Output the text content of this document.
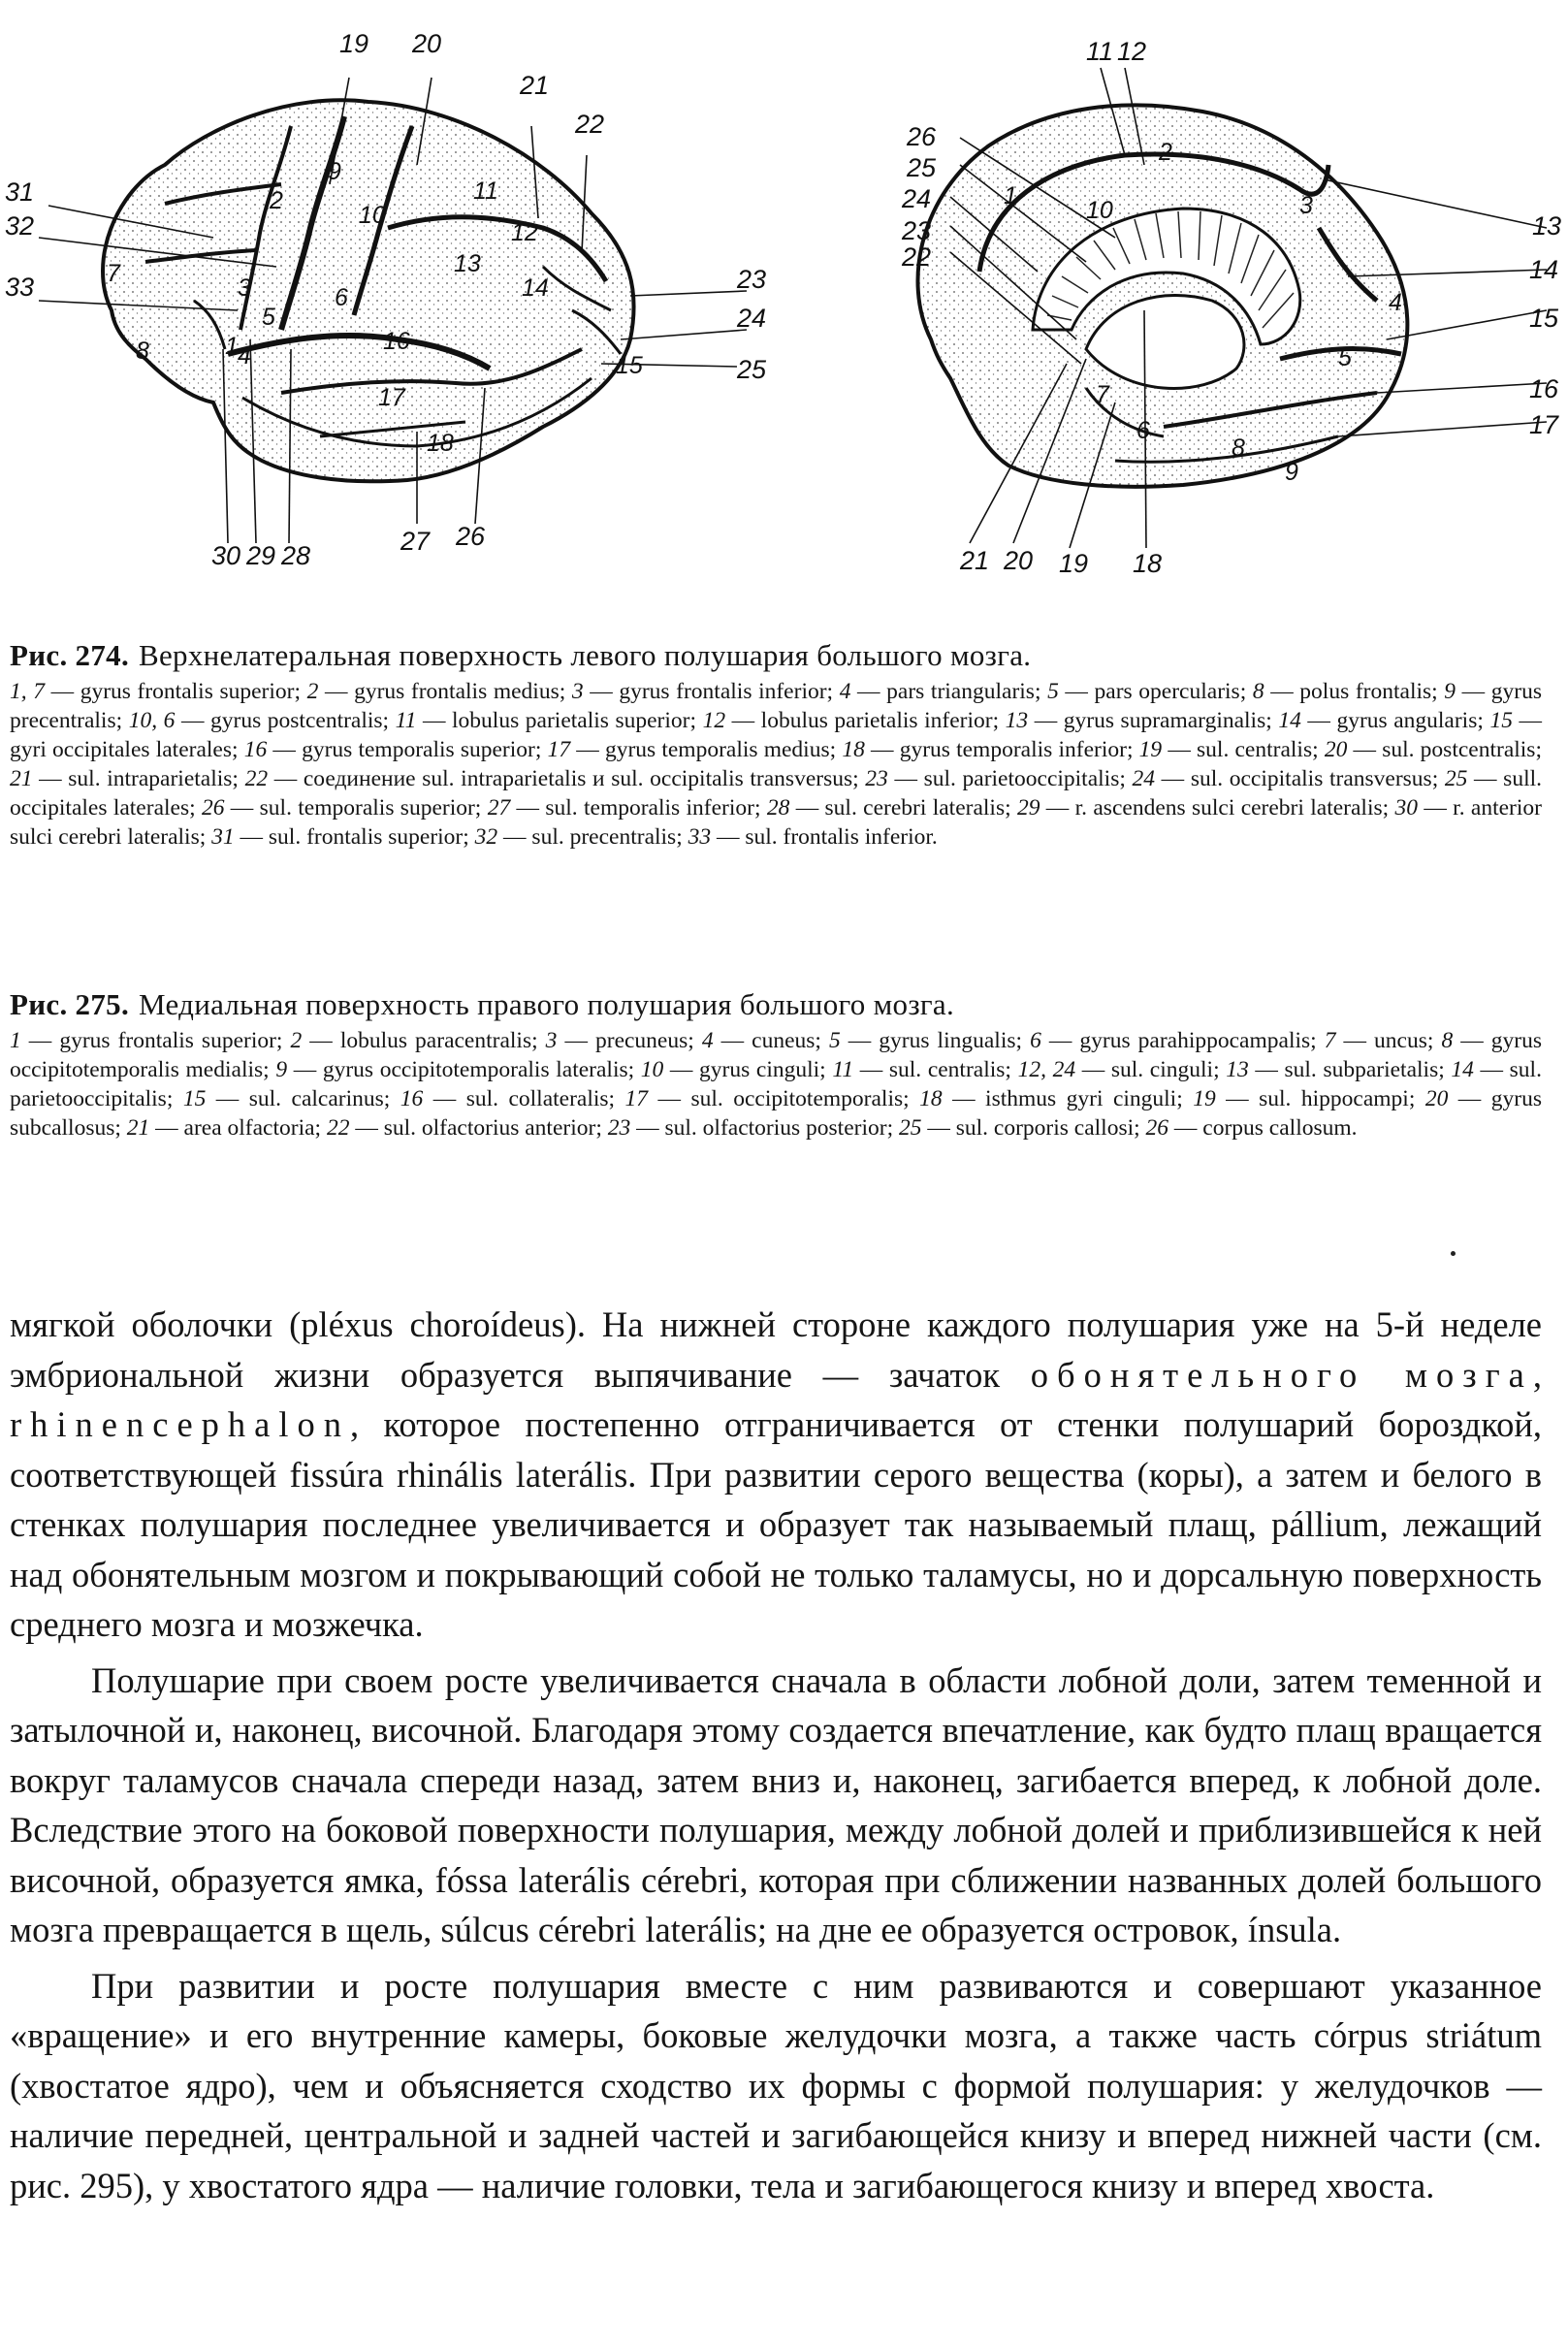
19 20
21
22
31
32
33	23
24
25
30 29 28	27 26
9
10
2	11
12
7
3
5
6
13
14
1 4
8	16
17
15
18
11 12
26
25
24
23
22
13
14
15
16
17
21 20 19 18
2
1
10	3
4
5
7
6
8
9

Рис. 274. Верхнелатеральная поверхность левого полушария большого мозга.

1, 7 — gyrus frontalis superior; 2 — gyrus frontalis medius; 3 — gyrus frontalis inferior; 4 — pars triangularis; 5 — pars opercularis; 8 — polus frontalis; 9 — gyrus precentralis; 10, 6 — gyrus postcentralis; 11 — lobulus parietalis superior; 12 — lobulus parietalis inferior; 13 — gyrus supramarginalis; 14 — gyrus angularis; 15 — gyri occipitales laterales; 16 — gyrus temporalis superior; 17 — gyrus temporalis medius; 18 — gyrus temporalis inferior; 19 — sul. centralis; 20 — sul. postcentralis; 21 — sul. intraparietalis; 22 — соединение sul. intraparietalis и sul. occipitalis transversus; 23 — sul. parietooccipitalis; 24 — sul. occipitalis transversus; 25 — sull. occipitales laterales; 26 — sul. temporalis superior; 27 — sul. temporalis inferior; 28 — sul. cerebri lateralis; 29 — r. ascendens sulci cerebri lateralis; 30 — r. anterior sulci cerebri lateralis; 31 — sul. frontalis superior; 32 — sul. precentralis; 33 — sul. frontalis inferior.

Рис. 275. Медиальная поверхность правого полушария большого мозга.

1 — gyrus frontalis superior; 2 — lobulus paracentralis; 3 — precuneus; 4 — cuneus; 5 — gyrus lingualis; 6 — gyrus parahippocampalis; 7 — uncus; 8 — gyrus occipitotemporalis medialis; 9 — gyrus occipitotemporalis lateralis; 10 — gyrus cinguli; 11 — sul. centralis; 12, 24 — sul. cinguli; 13 — sul. subparietalis; 14 — sul. parietooccipitalis; 15 — sul. calcarinus; 16 — sul. collateralis; 17 — sul. occipitotemporalis; 18 — isthmus gyri cinguli; 19 — sul. hippocampi; 20 — gyrus subcallosus; 21 — area olfactoria; 22 — sul. olfactorius anterior; 23 — sul. olfactorius posterior; 25 — sul. corporis callosi; 26 — corpus callosum.

мягкой оболочки (pléxus choroídeus). На нижней стороне каждого полушария уже на 5-й неделе эмбриональной жизни образуется выпячивание — зачаток обонятельного мозга, rhinencephalon, которое постепенно отграничивается от стенки полушарий бороздкой, соответствующей fissúra rhinális laterális. При развитии серого вещества (коры), а затем и белого в стенках полушария последнее увеличивается и образует так называемый плащ, pállium, лежащий над обонятельным мозгом и покрывающий собой не только таламусы, но и дорсальную поверхность среднего мозга и мозжечка.

Полушарие при своем росте увеличивается сначала в области лобной доли, затем теменной и затылочной и, наконец, височной. Благодаря этому создается впечатление, как будто плащ вращается вокруг таламусов сначала спереди назад, затем вниз и, наконец, загибается вперед, к лобной доле. Вследствие этого на боковой поверхности полушария, между лобной долей и приблизившейся к ней височной, образуется ямка, fóssa laterális cérebri, которая при сближении названных долей большого мозга превращается в щель, súlcus cérebri laterális; на дне ее образуется островок, ínsula.

При развитии и росте полушария вместе с ним развиваются и совершают указанное «вращение» и его внутренние камеры, боковые желудочки мозга, а также часть córpus striátum (хвостатое ядро), чем и объясняется сходство их формы с формой полушария: у желудочков — наличие передней, центральной и задней частей и загибающейся книзу и вперед нижней части (см. рис. 295), у хвостатого ядра — наличие головки, тела и загибающегося книзу и вперед хвоста.
